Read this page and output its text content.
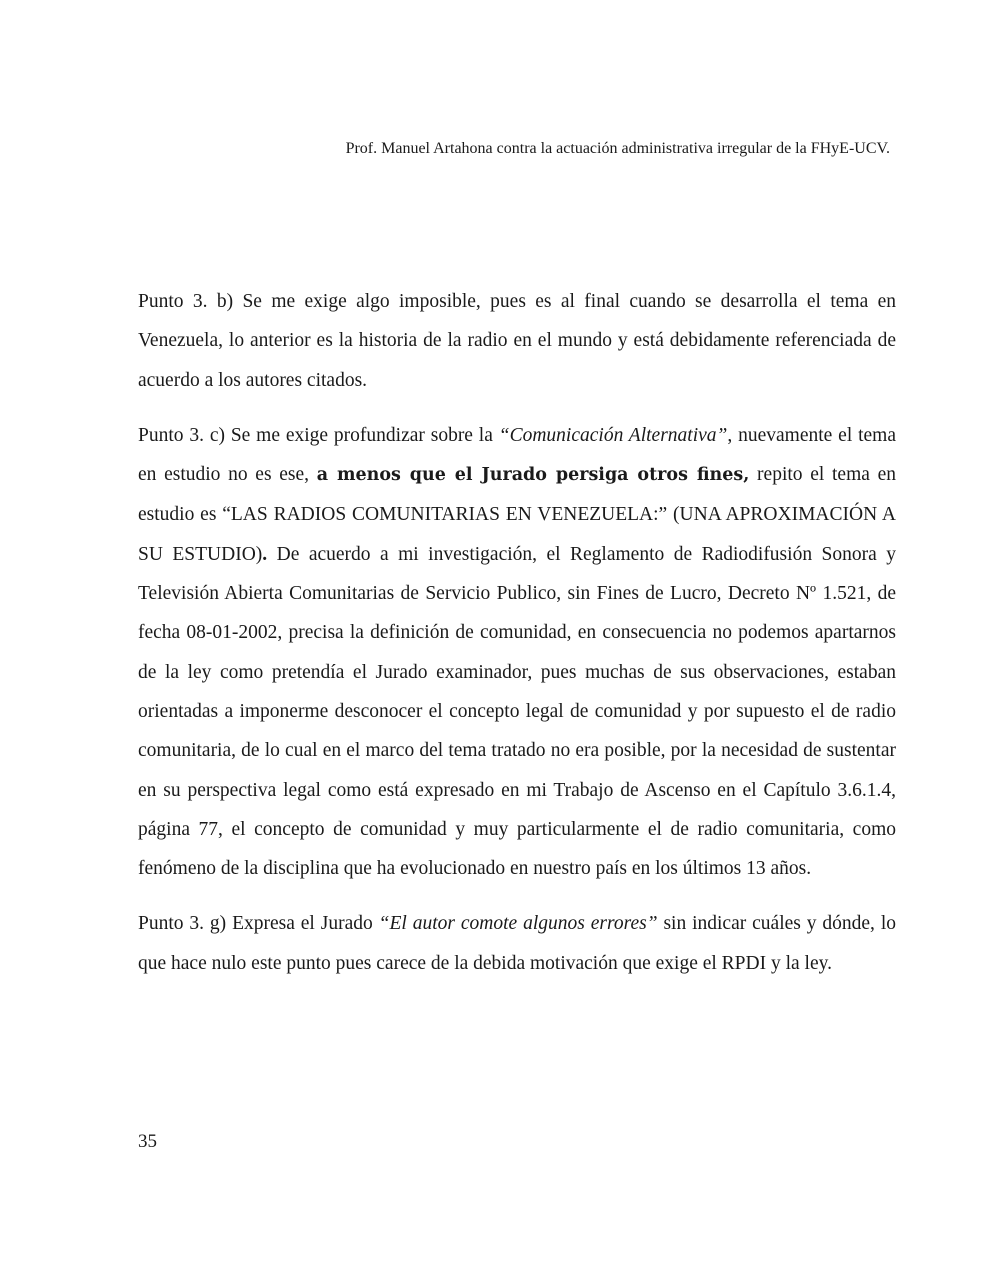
Prof. Manuel Artahona contra la actuación administrativa irregular de la FHyE-UCV.

Punto 3. b) Se me exige algo imposible, pues es al final cuando se desarrolla el tema en Venezuela, lo anterior es la historia de la radio en el mundo y está debidamente referenciada de acuerdo a los autores citados.

Punto 3. c) Se me exige profundizar sobre la “Comunicación Alternativa”, nuevamente el tema en estudio no es ese, a menos que el Jurado persiga otros fines, repito el tema en estudio es “LAS RADIOS COMUNITARIAS EN VENEZUELA:” (UNA APROXIMACIÓN A SU ESTUDIO). De acuerdo a mi investigación, el Reglamento de Radiodifusión Sonora y Televisión Abierta Comunitarias de Servicio Publico, sin Fines de Lucro, Decreto Nº 1.521, de fecha 08-01-2002, precisa la definición de comunidad, en consecuencia no podemos apartarnos de la ley como pretendía el Jurado examinador, pues muchas de sus observaciones, estaban orientadas a imponerme desconocer el concepto legal de comunidad y por supuesto el de radio comunitaria, de lo cual en el marco del tema tratado no era posible, por la necesidad de sustentar en su perspectiva legal como está expresado en mi Trabajo de Ascenso en el Capítulo 3.6.1.4, página 77, el concepto de comunidad y muy particularmente el de radio comunitaria, como fenómeno de la disciplina que ha evolucionado en nuestro país en los últimos 13 años.

Punto 3. g) Expresa el Jurado “El autor comote algunos errores” sin indicar cuáles y dónde, lo que hace nulo este punto pues carece de la debida motivación que exige el RPDI y la ley.

35
